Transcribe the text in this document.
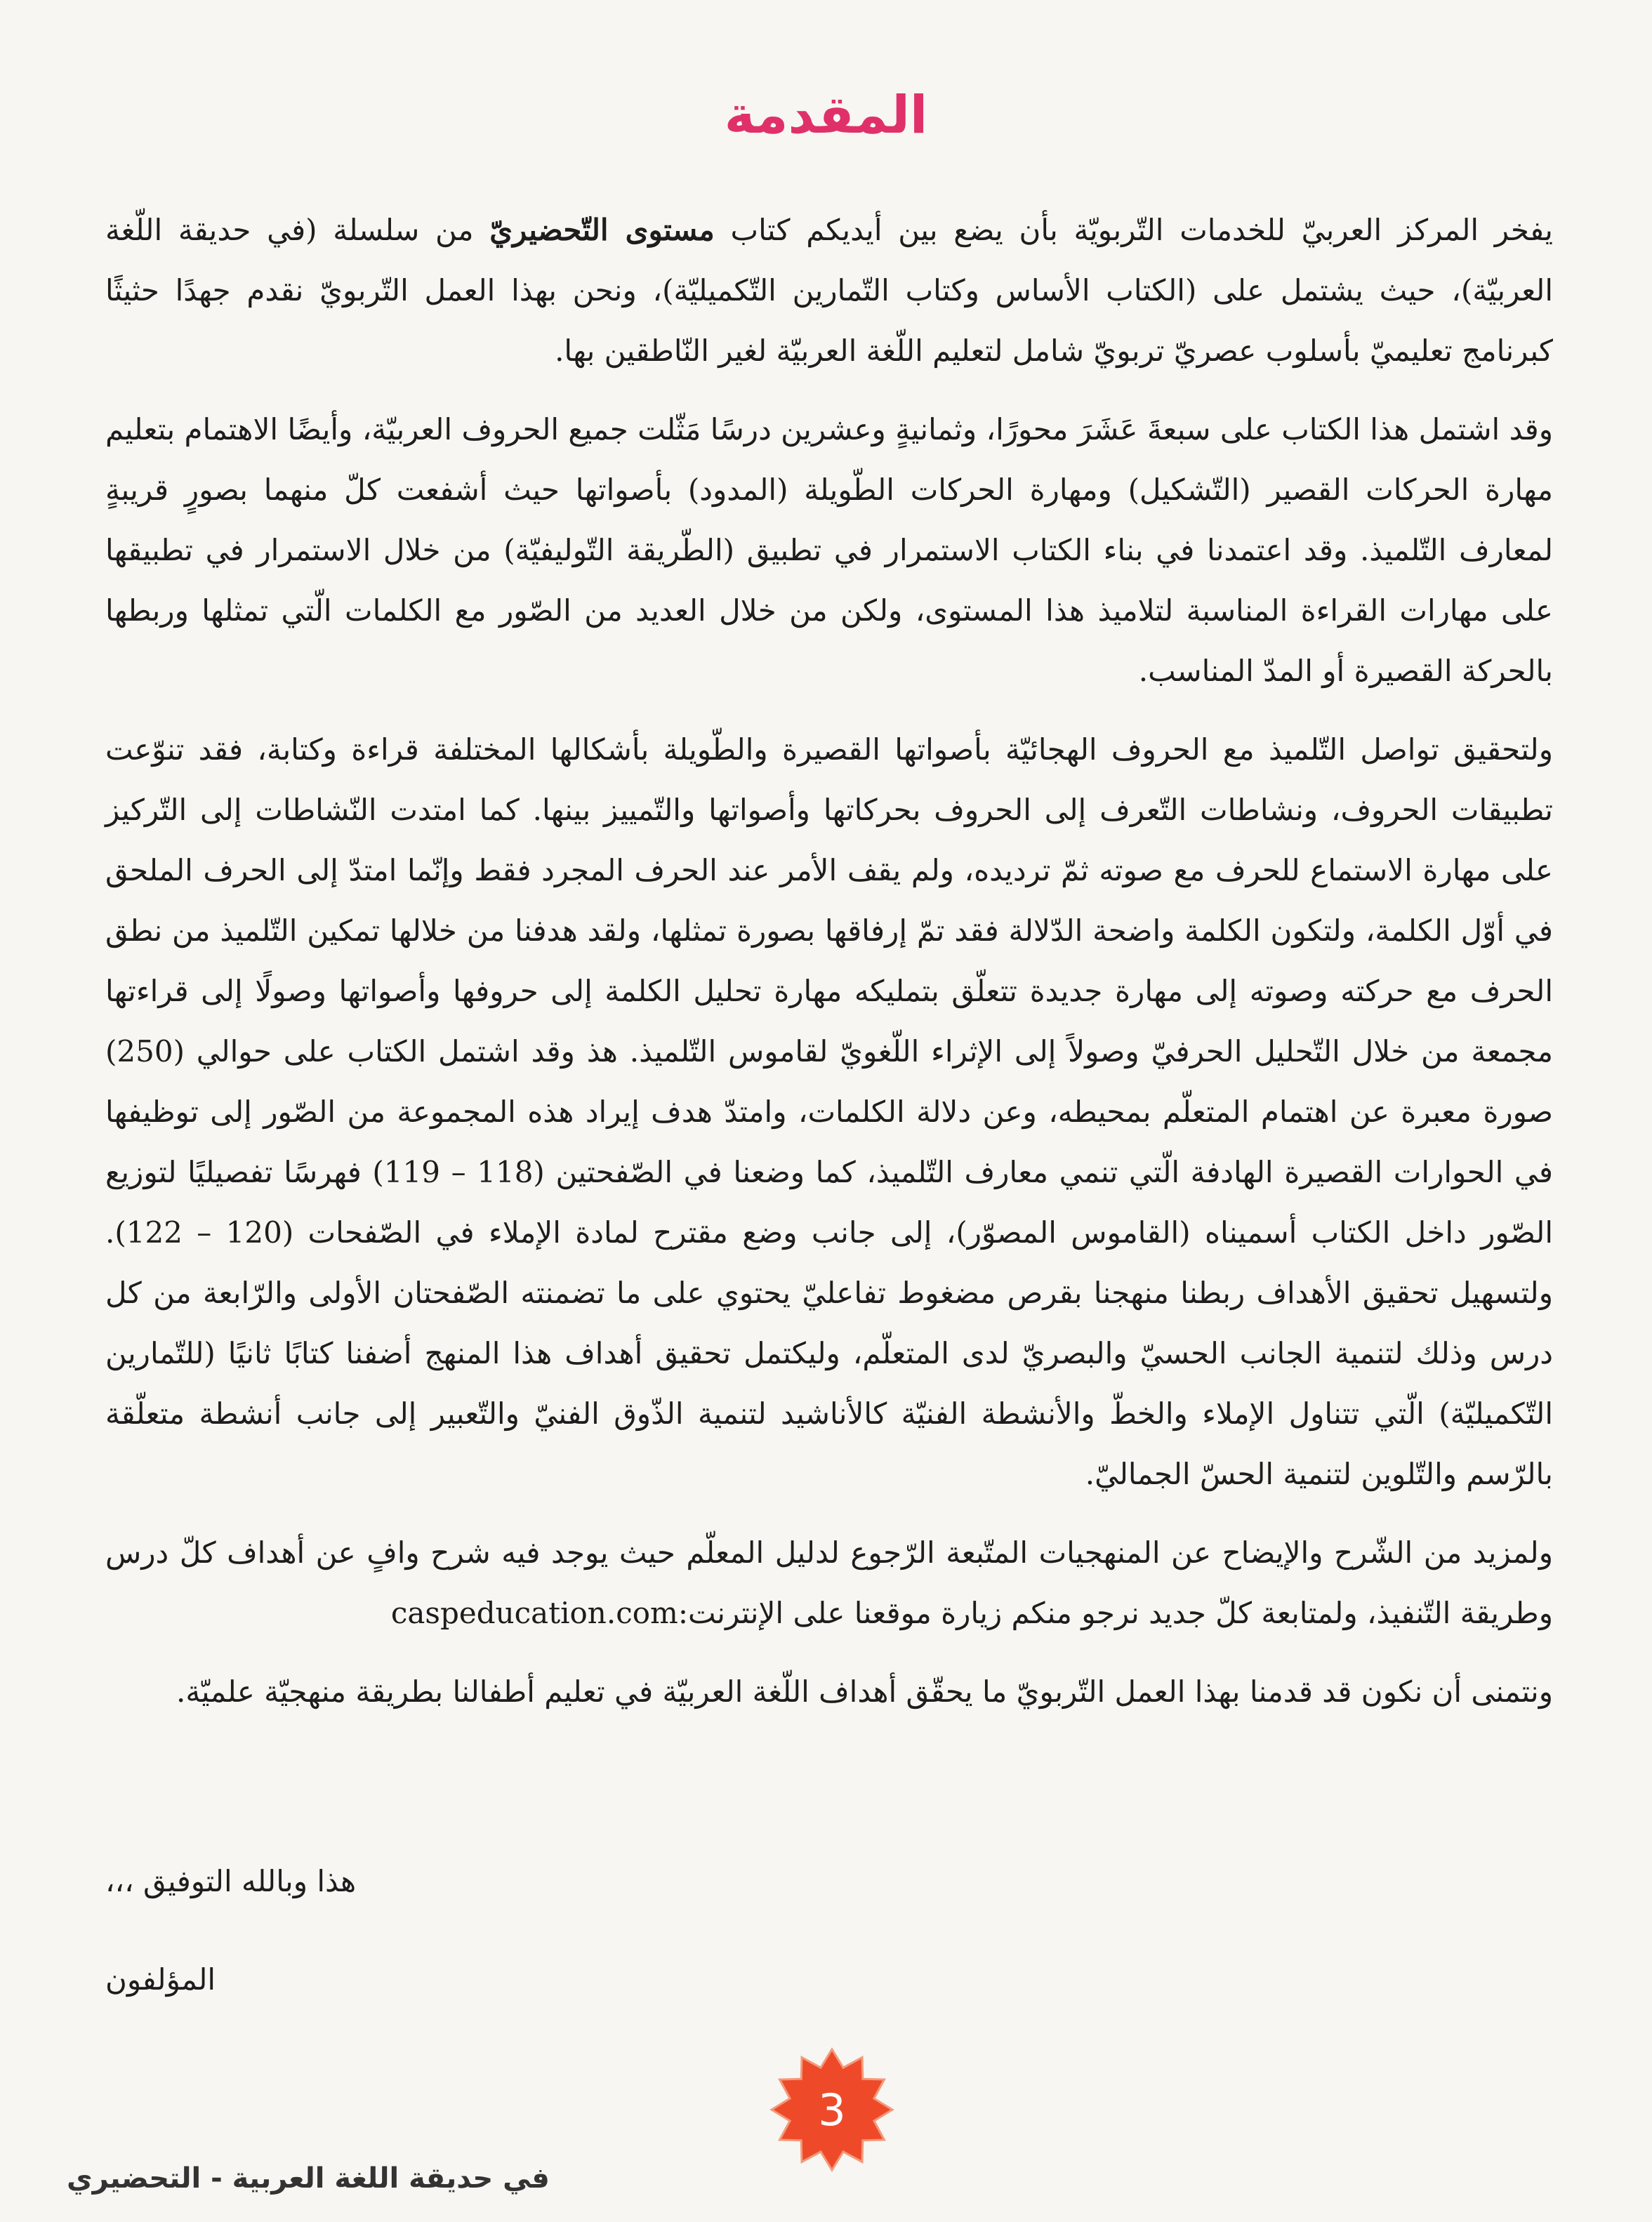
المقدمة

يفخر المركز العربيّ للخدمات التّربويّة بأن يضع بين أيديكم كتاب مستوى التّحضيريّ من سلسلة (في حديقة اللّغة العربيّة)، حيث يشتمل على (الكتاب الأساس وكتاب التّمارين التّكميليّة)، ونحن بهذا العمل التّربويّ نقدم جهدًا حثيثًا كبرنامج تعليميّ بأسلوب عصريّ تربويّ شامل لتعليم اللّغة العربيّة لغير النّاطقين بها.

وقد اشتمل هذا الكتاب على سبعةَ عَشَرَ محورًا، وثمانيةٍ وعشرين درسًا مَثّلت جميع الحروف العربيّة، وأيضًا الاهتمام بتعليم مهارة الحركات القصير (التّشكيل) ومهارة الحركات الطّويلة (المدود) بأصواتها حيث أشفعت كلّ منهما بصورٍ قريبةٍ لمعارف التّلميذ. وقد اعتمدنا في بناء الكتاب الاستمرار في تطبيق (الطّريقة التّوليفيّة) من خلال الاستمرار في تطبيقها على مهارات القراءة المناسبة لتلاميذ هذا المستوى، ولكن من خلال العديد من الصّور مع الكلمات الّتي تمثلها وربطها بالحركة القصيرة أو المدّ المناسب.

ولتحقيق تواصل التّلميذ مع الحروف الهجائيّة بأصواتها القصيرة والطّويلة بأشكالها المختلفة قراءة وكتابة، فقد تنوّعت تطبيقات الحروف، ونشاطات التّعرف إلى الحروف بحركاتها وأصواتها والتّمييز بينها. كما امتدت النّشاطات إلى التّركيز على مهارة الاستماع للحرف مع صوته ثمّ ترديده، ولم يقف الأمر عند الحرف المجرد فقط وإنّما امتدّ إلى الحرف الملحق في أوّل الكلمة، ولتكون الكلمة واضحة الدّلالة فقد تمّ إرفاقها بصورة تمثلها، ولقد هدفنا من خلالها تمكين التّلميذ من نطق الحرف مع حركته وصوته إلى مهارة جديدة تتعلّق بتمليكه مهارة تحليل الكلمة إلى حروفها وأصواتها وصولًا إلى قراءتها مجمعة من خلال التّحليل الحرفيّ وصولاً إلى الإثراء اللّغويّ لقاموس التّلميذ. هذ وقد اشتمل الكتاب على حوالي (250) صورة معبرة عن اهتمام المتعلّم بمحيطه، وعن دلالة الكلمات، وامتدّ هدف إيراد هذه المجموعة من الصّور إلى توظيفها في الحوارات القصيرة الهادفة الّتي تنمي معارف التّلميذ، كما وضعنا في الصّفحتين (118 – 119) فهرسًا تفصيليًا لتوزيع الصّور داخل الكتاب أسميناه (القاموس المصوّر)، إلى جانب وضع مقترح لمادة الإملاء في الصّفحات (120 – 122). ولتسهيل تحقيق الأهداف ربطنا منهجنا بقرص مضغوط تفاعليّ يحتوي على ما تضمنته الصّفحتان الأولى والرّابعة من كل درس وذلك لتنمية الجانب الحسيّ والبصريّ لدى المتعلّم، وليكتمل تحقيق أهداف هذا المنهج أضفنا كتابًا ثانيًا (للتّمارين التّكميليّة) الّتي تتناول الإملاء والخطّ والأنشطة الفنيّة كالأناشيد لتنمية الذّوق الفنيّ والتّعبير إلى جانب أنشطة متعلّقة بالرّسم والتّلوين لتنمية الحسّ الجماليّ.

ولمزيد من الشّرح والإيضاح عن المنهجيات المتّبعة الرّجوع لدليل المعلّم حيث يوجد فيه شرح وافٍ عن أهداف كلّ درس وطريقة التّنفيذ، ولمتابعة كلّ جديد نرجو منكم زيارة موقعنا على الإنترنت:caspeducation.com

ونتمنى أن نكون قد قدمنا بهذا العمل التّربويّ ما يحقّق أهداف اللّغة العربيّة في تعليم أطفالنا بطريقة منهجيّة علميّة.

هذا وبالله التوفيق ،،،
المؤلفون
3
في حديقة اللغة العربية - التحضيري
